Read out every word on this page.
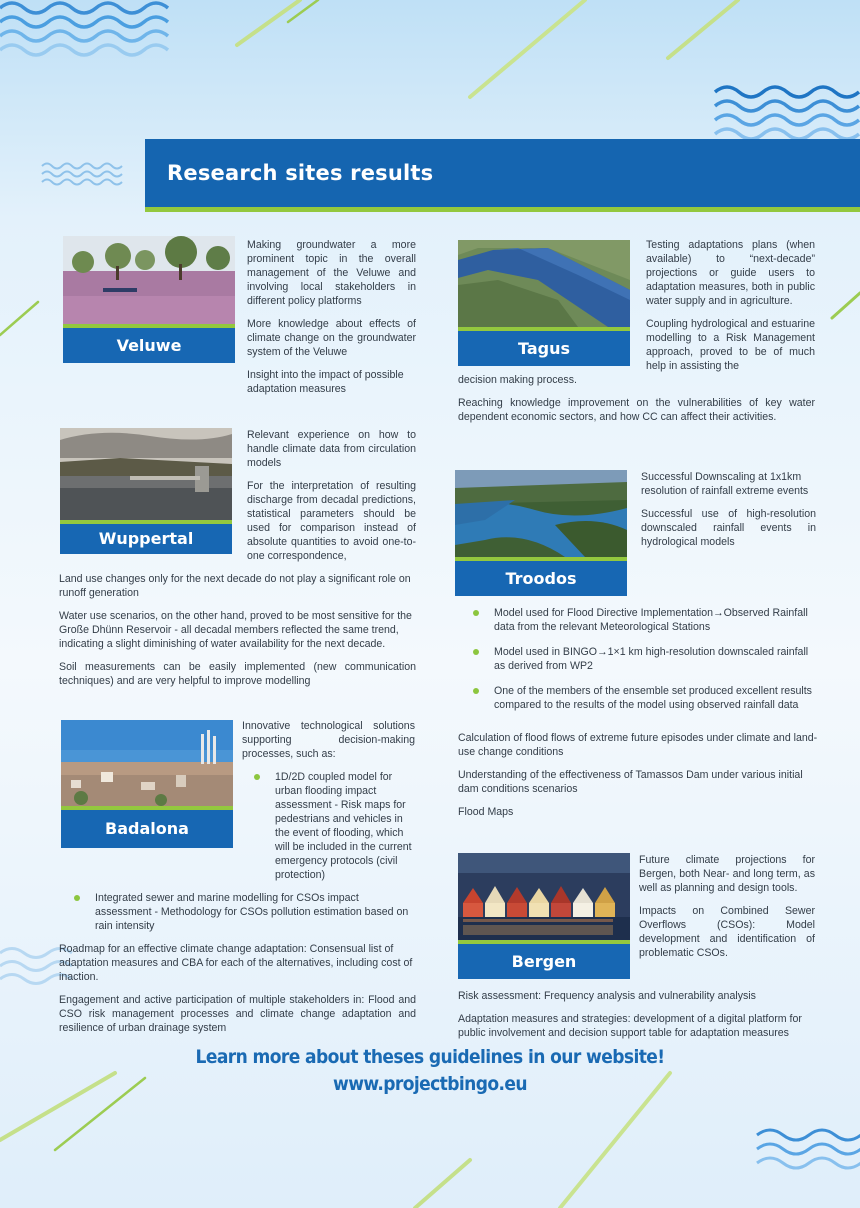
Research sites results
Veluwe

Making groundwater a more prominent topic in the overall management of the Veluwe and involving local stakeholders in different policy platforms

More knowledge about effects of climate change on the groundwater system of the Veluwe

Insight into the impact of possible adaptation measures

Tagus

Testing adaptations plans (when available) to “next-decade” projections or guide users to adaptation measures, both in public water supply and in agriculture.

Coupling hydrological and estuarine modelling to a Risk Management approach, proved to be of much help in assisting the

decision making process.

Reaching knowledge improvement on the vulnerabilities of key water dependent economic sectors, and how CC can affect their activities.

Wuppertal

Relevant experience on how to handle climate data from circulation models

For the interpretation of resulting discharge from decadal predictions, statistical parameters should be used for comparison instead of absolute quantities to avoid one-to-one correspondence,

Land use changes only for the next decade do not play a significant role on runoff generation

Water use scenarios, on the other hand, proved to be most sensitive for the Große Dhünn Reservoir - all decadal members reflected the same trend, indicating a slight diminishing of water availability for the next decade.

Soil measurements can be easily implemented (new communication techniques) and are very helpful to improve modelling

Troodos

Successful Downscaling at 1x1km resolution of rainfall extreme events

Successful use of high-resolution downscaled rainfall events in hydrological models

Model used for Flood Directive Implementation→Observed Rainfall data from the relevant Meteorological Stations
Model used in BINGO→1×1 km high-resolution downscaled rainfall as derived from WP2
One of the members of the ensemble set produced excellent results compared to the results of the model using observed rainfall data

Calculation of flood flows of extreme future episodes under climate and land-use change conditions

Understanding of the effectiveness of Tamassos Dam under various initial dam conditions scenarios

Flood Maps

Badalona

Innovative technological solutions supporting decision-making processes, such as:

1D/2D coupled model for urban flooding impact assessment - Risk maps for pedestrians and vehicles in the event of flooding, which will be included in the current emergency protocols (civil protection)
Integrated sewer and marine modelling for CSOs impact assessment - Methodology for CSOs pollution estimation based on rain intensity

Roadmap for an effective climate change adaptation: Consensual list of adaptation measures and CBA for each of the alternatives, including cost of inaction.

Engagement and active participation of multiple stakeholders in: Flood and CSO risk management processes and climate change adaptation and resilience of urban drainage system

Bergen

Future climate projections for Bergen, both Near- and long term, as well as planning and design tools.

Impacts on Combined Sewer Overflows (CSOs): Model development and identification of problematic CSOs.

Risk assessment: Frequency analysis and vulnerability analysis

Adaptation measures and strategies: development of a digital platform for public involvement and decision support table for adaptation measures

Learn more about theses guidelines in our website!
www.projectbingo.eu
